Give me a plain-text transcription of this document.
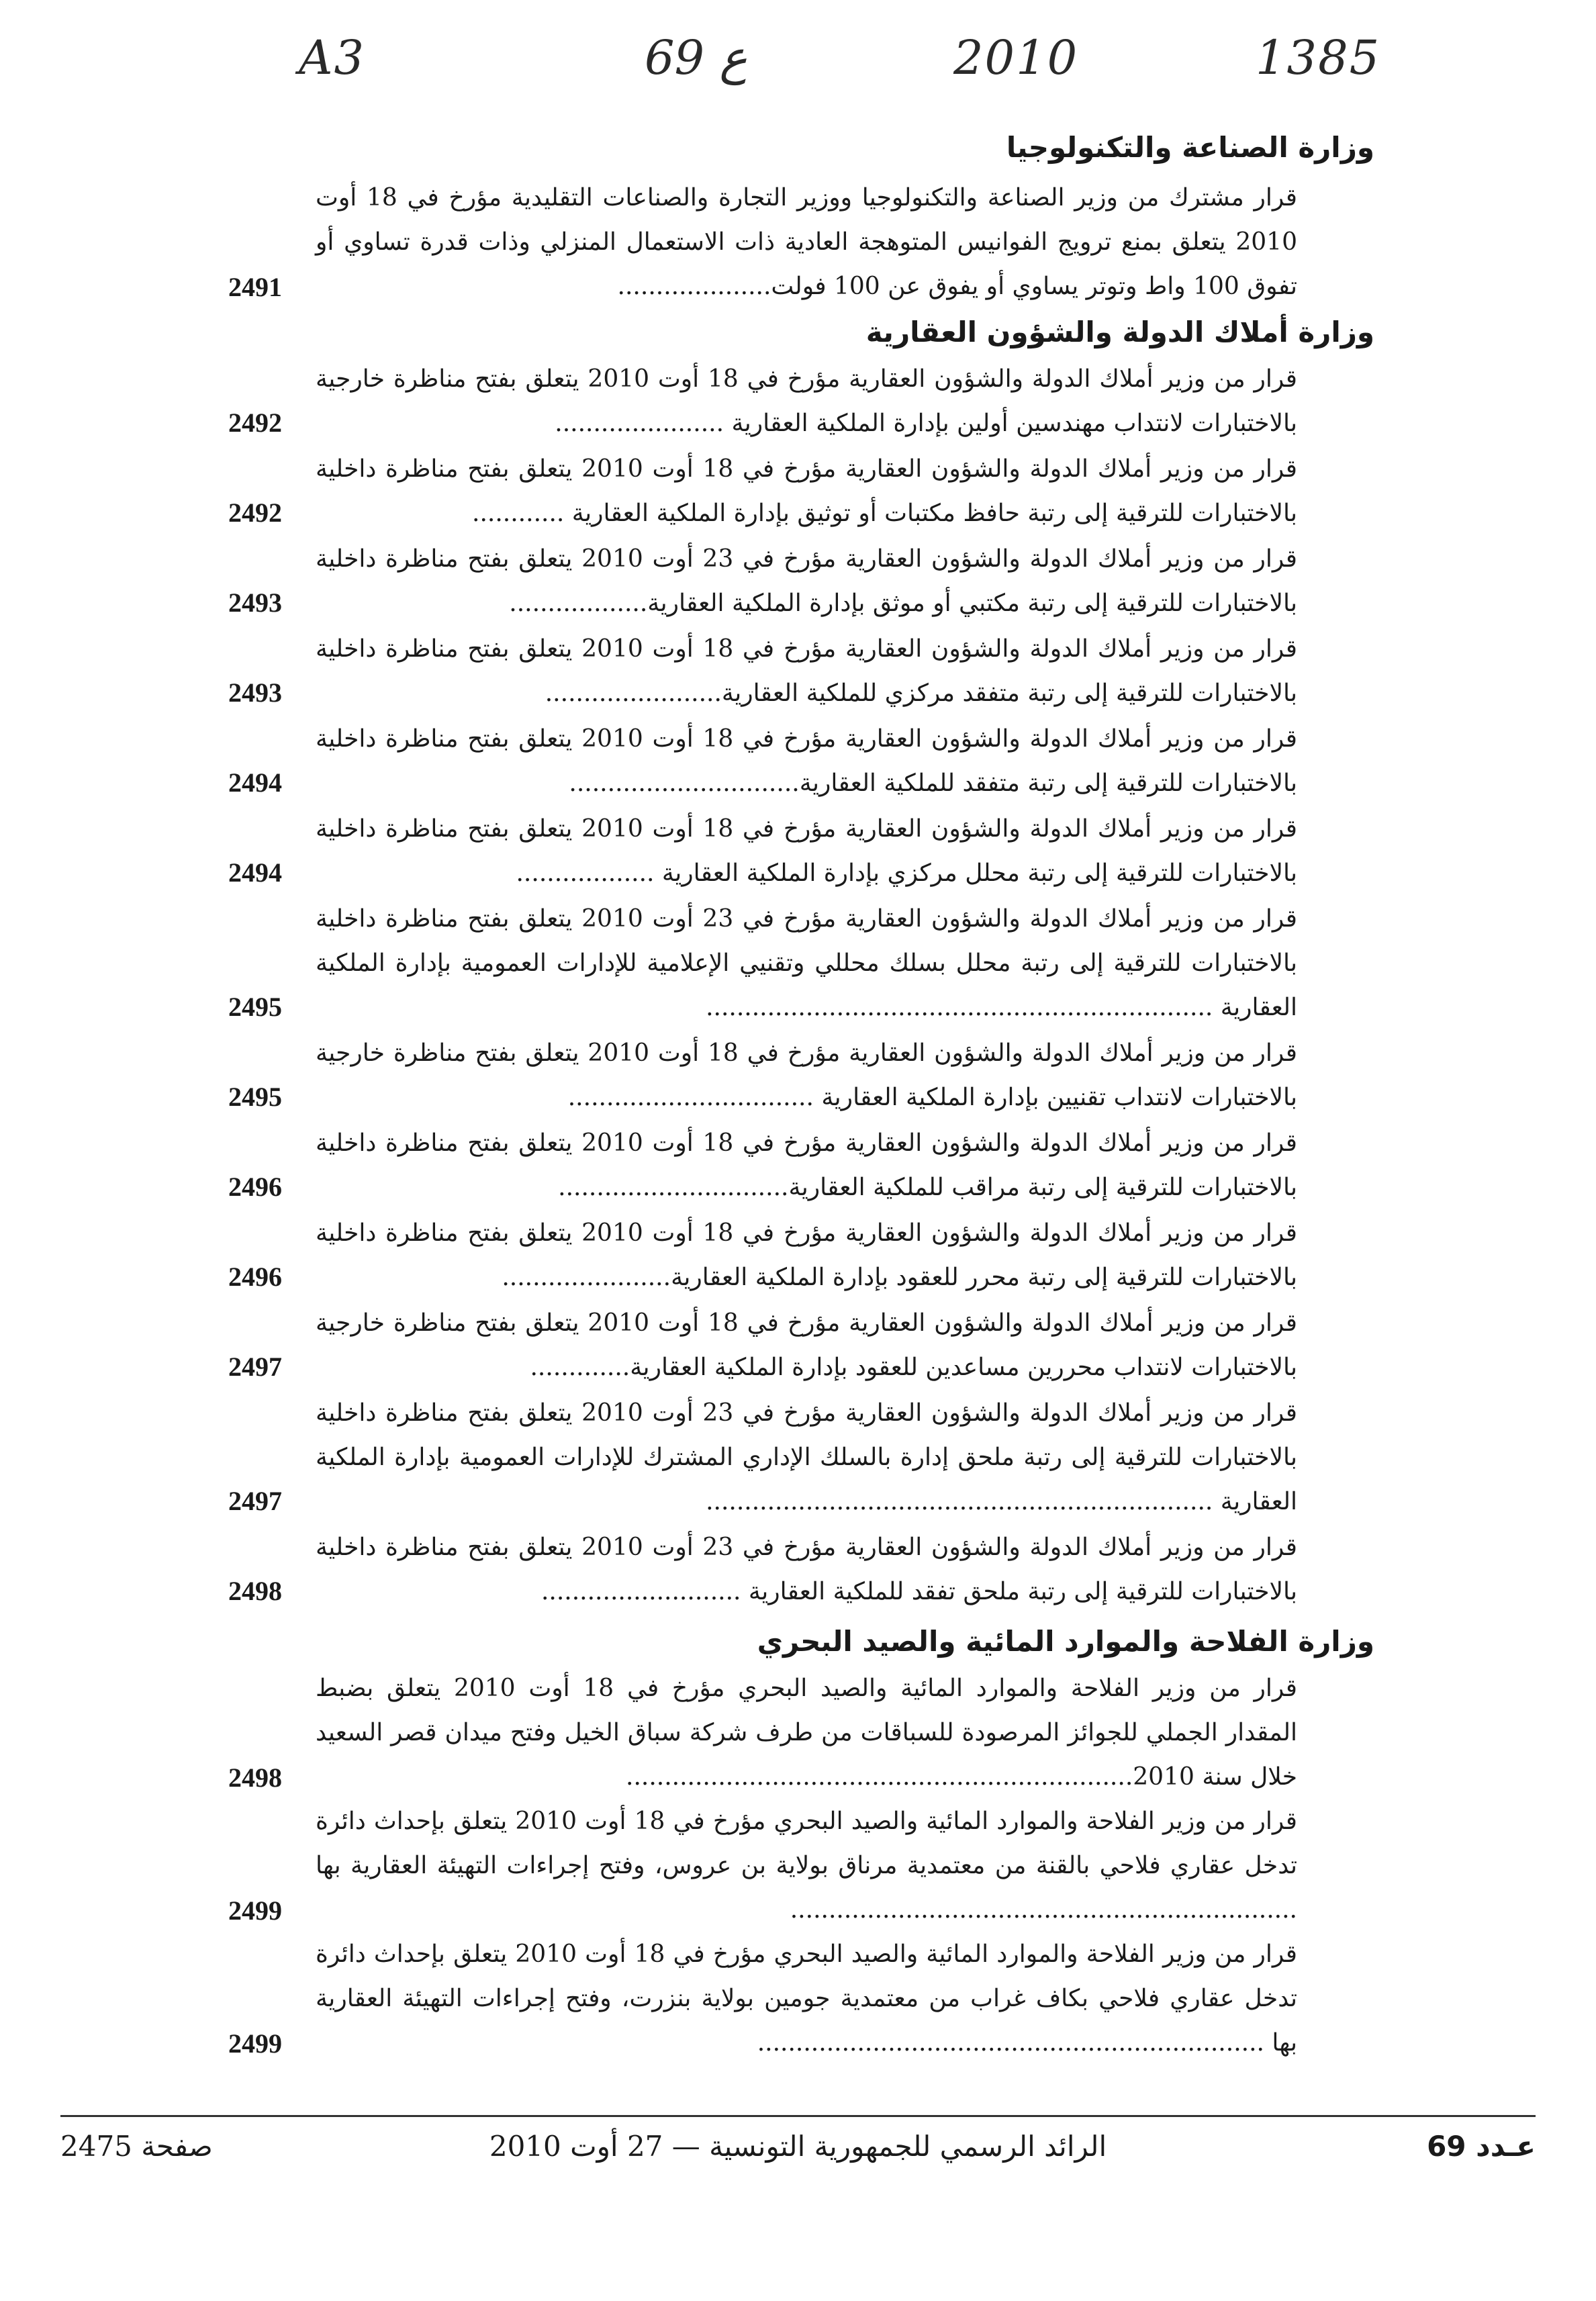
A3	69 ع	2010	1385
وزارة الصناعة والتكنولوجيا
قرار مشترك من وزير الصناعة والتكنولوجيا ووزير التجارة والصناعات التقليدية مؤرخ في 18 أوت 2010 يتعلق بمنع ترويج الفوانيس المتوهجة العادية ذات الاستعمال المنزلي وذات قدرة تساوي أو تفوق 100 واط وتوتر يساوي أو يفوق عن 100 فولت....................
2491
وزارة أملاك الدولة والشؤون العقارية
قرار من وزير أملاك الدولة والشؤون العقارية مؤرخ في 18 أوت 2010 يتعلق بفتح مناظرة خارجية بالاختبارات لانتداب مهندسين أولين بإدارة الملكية العقارية ......................
2492
قرار من وزير أملاك الدولة والشؤون العقارية مؤرخ في 18 أوت 2010 يتعلق بفتح مناظرة داخلية بالاختبارات للترقية إلى رتبة حافظ مكتبات أو توثيق بإدارة الملكية العقارية ............
2492
قرار من وزير أملاك الدولة والشؤون العقارية مؤرخ في 23 أوت 2010 يتعلق بفتح مناظرة داخلية بالاختبارات للترقية إلى رتبة مكتبي أو موثق بإدارة الملكية العقارية..................
2493
قرار من وزير أملاك الدولة والشؤون العقارية مؤرخ في 18 أوت 2010 يتعلق بفتح مناظرة داخلية بالاختبارات للترقية إلى رتبة متفقد مركزي للملكية العقارية.......................
2493
قرار من وزير أملاك الدولة والشؤون العقارية مؤرخ في 18 أوت 2010 يتعلق بفتح مناظرة داخلية بالاختبارات للترقية إلى رتبة متفقد للملكية العقارية..............................
2494
قرار من وزير أملاك الدولة والشؤون العقارية مؤرخ في 18 أوت 2010 يتعلق بفتح مناظرة داخلية بالاختبارات للترقية إلى رتبة محلل مركزي بإدارة الملكية العقارية ..................
2494
قرار من وزير أملاك الدولة والشؤون العقارية مؤرخ في 23 أوت 2010 يتعلق بفتح مناظرة داخلية بالاختبارات للترقية إلى رتبة محلل بسلك محللي وتقنيي الإعلامية للإدارات العمومية بإدارة الملكية العقارية ..................................................................
2495
قرار من وزير أملاك الدولة والشؤون العقارية مؤرخ في 18 أوت 2010 يتعلق بفتح مناظرة خارجية بالاختبارات لانتداب تقنيين بإدارة الملكية العقارية ................................
2495
قرار من وزير أملاك الدولة والشؤون العقارية مؤرخ في 18 أوت 2010 يتعلق بفتح مناظرة داخلية بالاختبارات للترقية إلى رتبة مراقب للملكية العقارية..............................
2496
قرار من وزير أملاك الدولة والشؤون العقارية مؤرخ في 18 أوت 2010 يتعلق بفتح مناظرة داخلية بالاختبارات للترقية إلى رتبة محرر للعقود بإدارة الملكية العقارية......................
2496
قرار من وزير أملاك الدولة والشؤون العقارية مؤرخ في 18 أوت 2010 يتعلق بفتح مناظرة خارجية بالاختبارات لانتداب محررين مساعدين للعقود بإدارة الملكية العقارية.............
2497
قرار من وزير أملاك الدولة والشؤون العقارية مؤرخ في 23 أوت 2010 يتعلق بفتح مناظرة داخلية بالاختبارات للترقية إلى رتبة ملحق إدارة بالسلك الإداري المشترك للإدارات العمومية بإدارة الملكية العقارية ..................................................................
2497
قرار من وزير أملاك الدولة والشؤون العقارية مؤرخ في 23 أوت 2010 يتعلق بفتح مناظرة داخلية بالاختبارات للترقية إلى رتبة ملحق تفقد للملكية العقارية ..........................
2498
وزارة الفلاحة والموارد المائية والصيد البحري
قرار من وزير الفلاحة والموارد المائية والصيد البحري مؤرخ في 18 أوت 2010 يتعلق بضبط المقدار الجملي للجوائز المرصودة للسباقات من طرف شركة سباق الخيل وفتح ميدان قصر السعيد خلال سنة 2010..................................................................
2498
قرار من وزير الفلاحة والموارد المائية والصيد البحري مؤرخ في 18 أوت 2010 يتعلق بإحداث دائرة تدخل عقاري فلاحي بالقنة من معتمدية مرناق بولاية بن عروس، وفتح إجراءات التهيئة العقارية بها ..................................................................
2499
قرار من وزير الفلاحة والموارد المائية والصيد البحري مؤرخ في 18 أوت 2010 يتعلق بإحداث دائرة تدخل عقاري فلاحي بكاف غراب من معتمدية جومين بولاية بنزرت، وفتح إجراءات التهيئة العقارية بها ..................................................................
2499
عـدد 69
الرائد الرسمي للجمهورية التونسية — 27 أوت 2010
صفحة 2475
